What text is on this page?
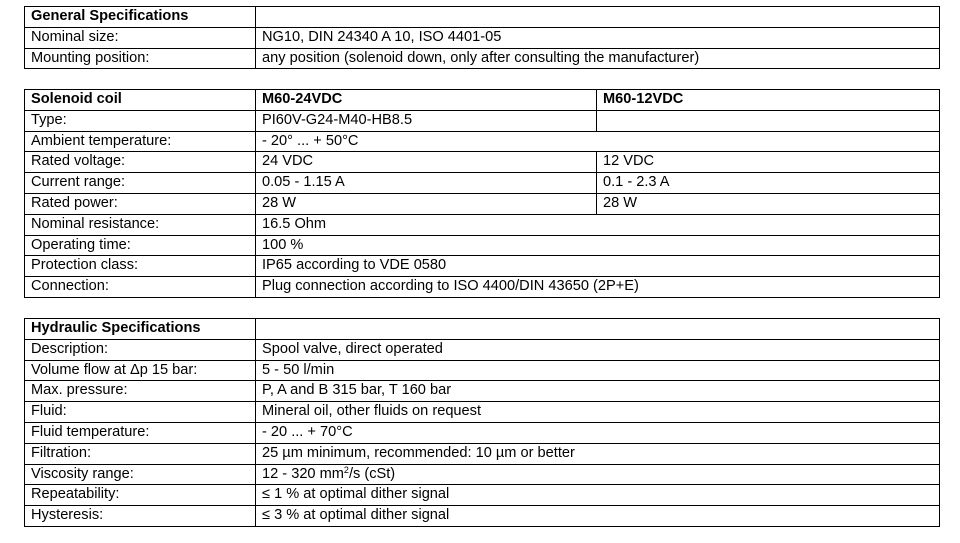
General Specifications	
Nominal size:	NG10, DIN 24340 A 10, ISO 4401-05
Mounting position:	any position (solenoid down, only after consulting the manufacturer)
Solenoid coil	M60-24VDC	M60-12VDC
Type:	PI60V-G24-M40-HB8.5	
Ambient temperature:	- 20° ... + 50°C	
Rated voltage:	24 VDC	12 VDC
Current range:	0.05 - 1.15 A	0.1 - 2.3 A
Rated power:	28 W	28 W
Nominal resistance:	16.5 Ohm	
Operating time:	100 %	
Protection class:	IP65 according to VDE 0580	
Connection:	Plug connection according to ISO 4400/DIN 43650 (2P+E)	
Hydraulic Specifications	
Description:	Spool valve, direct operated
Volume flow at Δp 15 bar:	5 - 50 l/min
Max. pressure:	P, A and B 315 bar, T 160 bar
Fluid:	Mineral oil, other fluids on request
Fluid temperature:	- 20 ... + 70°C
Filtration:	25 µm minimum, recommended: 10 µm or better
Viscosity range:	12 - 320 $mm^2/s$ (cSt)
Repeatability:	≤ 1 % at optimal dither signal
Hysteresis:	≤ 3 % at optimal dither signal
